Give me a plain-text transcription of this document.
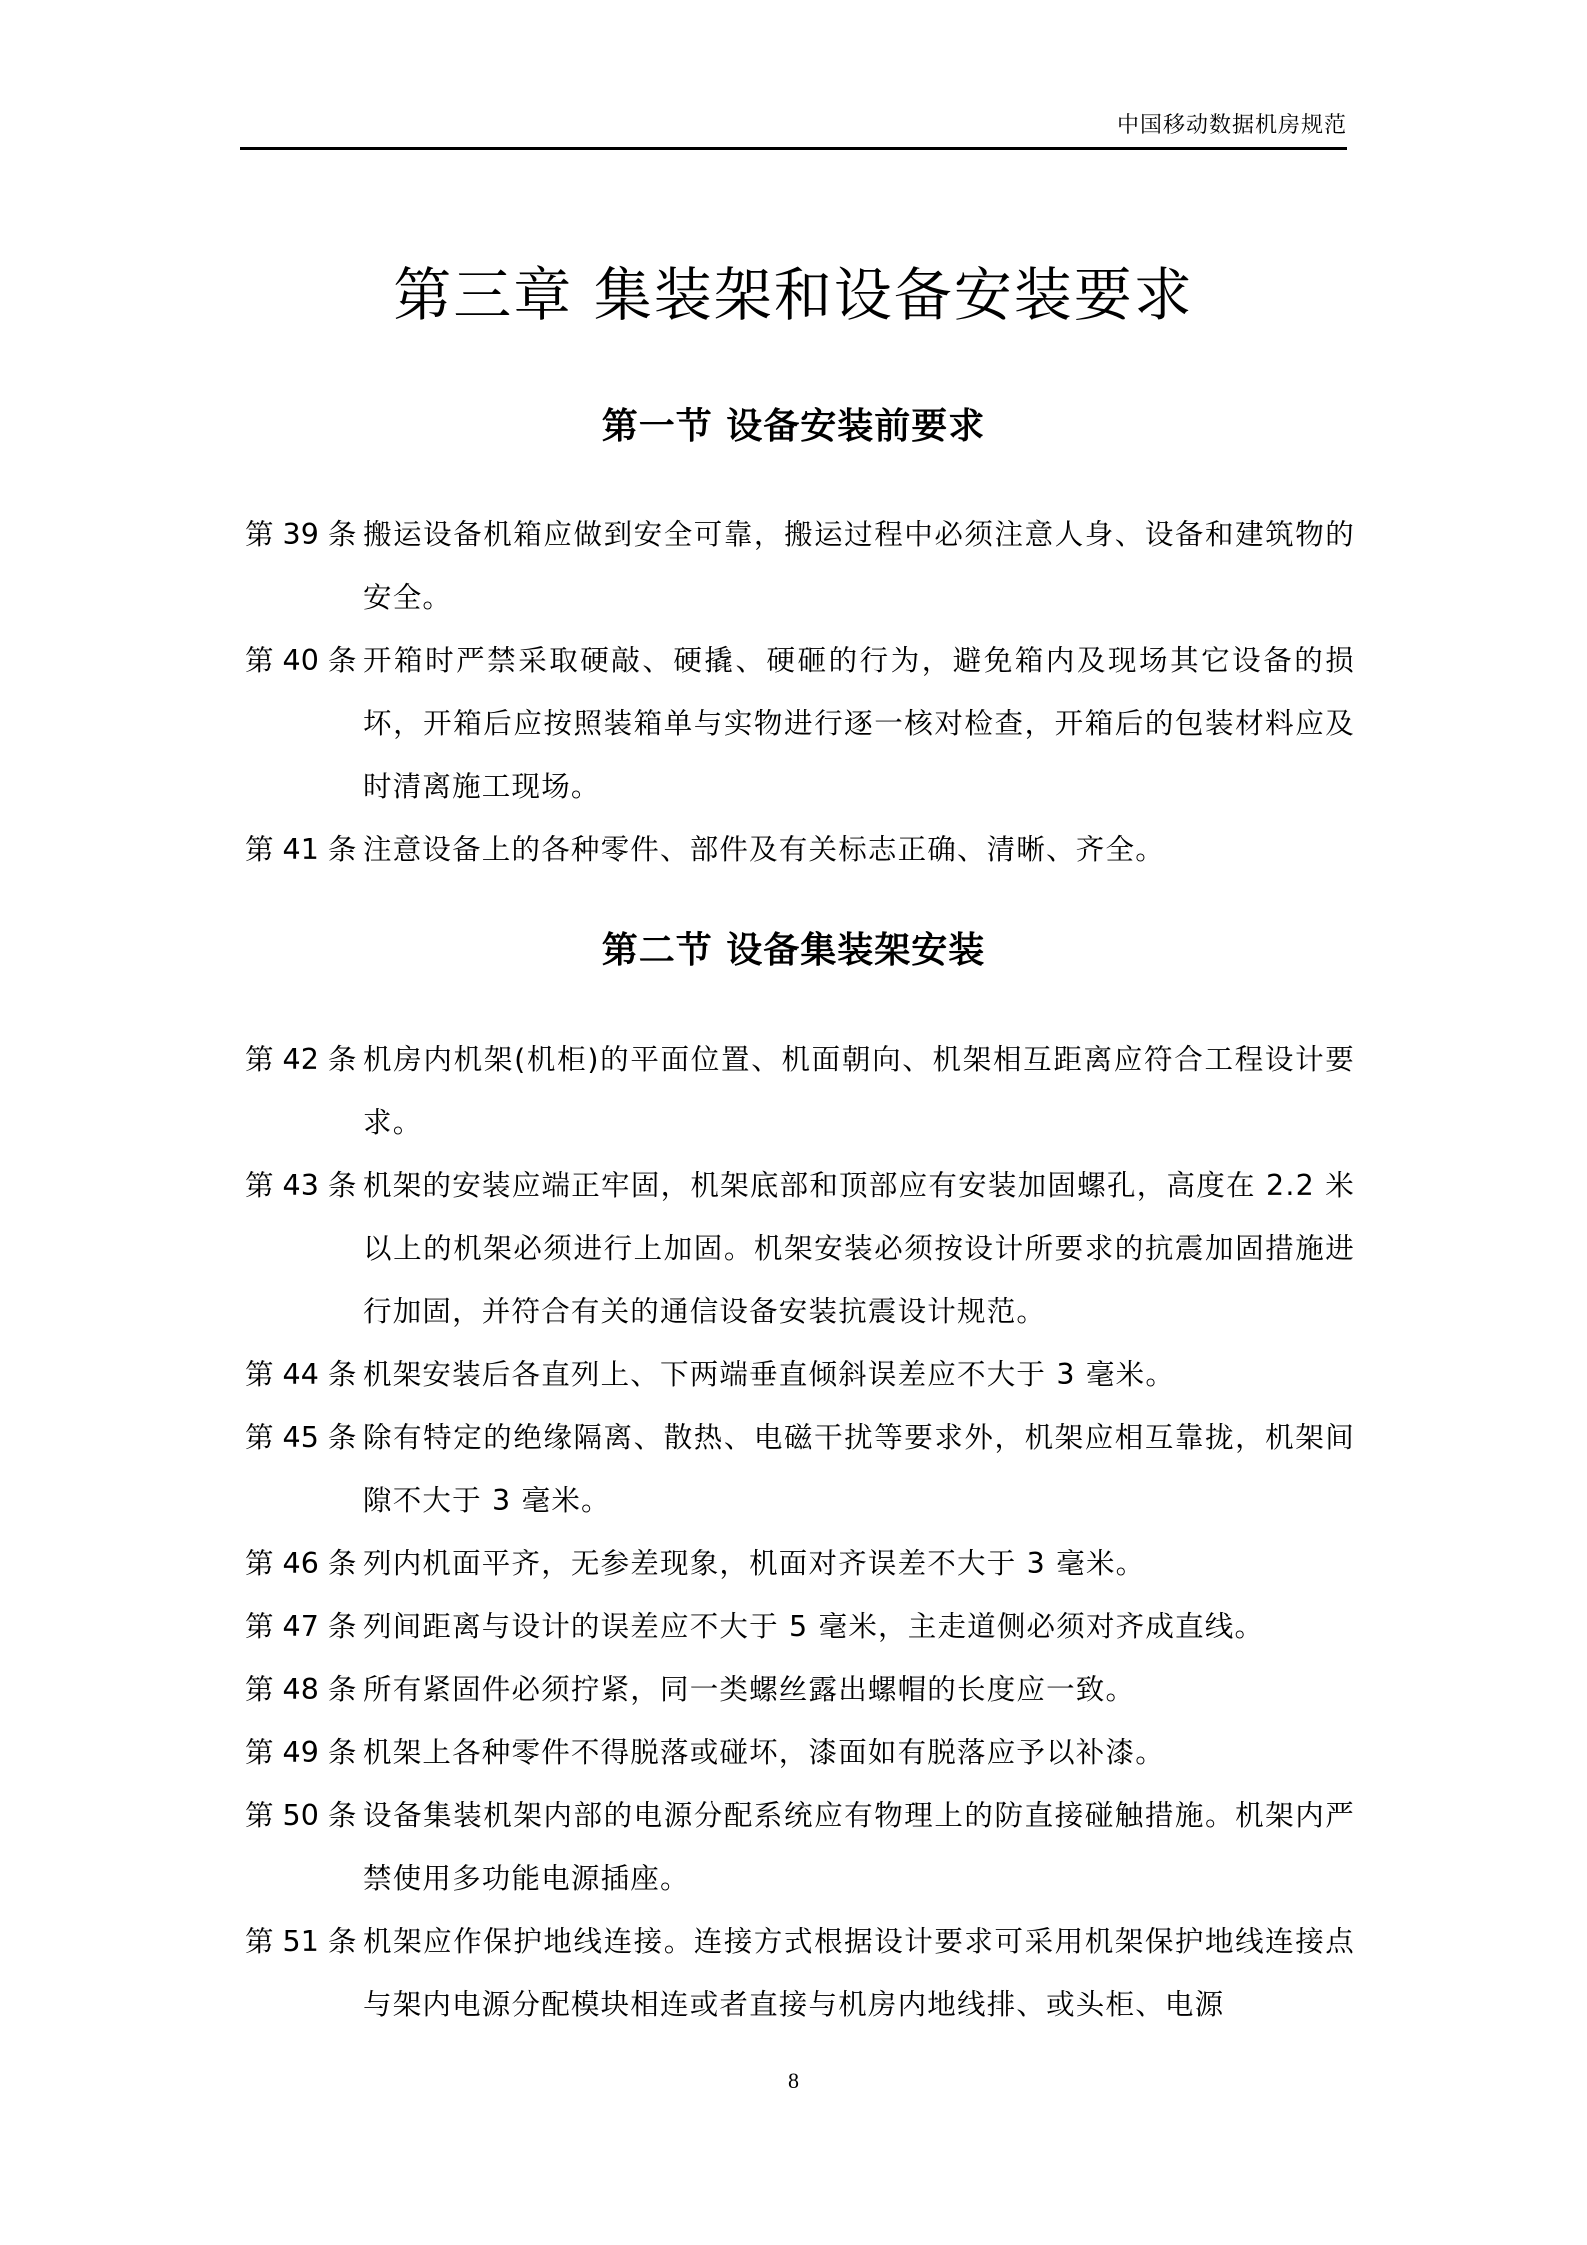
中国移动数据机房规范
第三章 集装架和设备安装要求
第一节 设备安装前要求
第 39 条 搬运设备机箱应做到安全可靠，搬运过程中必须注意人身、设备和建筑物的安全。
第 40 条 开箱时严禁采取硬敲、硬撬、硬砸的行为，避免箱内及现场其它设备的损坏，开箱后应按照装箱单与实物进行逐一核对检查，开箱后的包装材料应及时清离施工现场。
第 41 条 注意设备上的各种零件、部件及有关标志正确、清晰、齐全。
第二节 设备集装架安装
第 42 条 机房内机架(机柜)的平面位置、机面朝向、机架相互距离应符合工程设计要求。
第 43 条 机架的安装应端正牢固，机架底部和顶部应有安装加固螺孔，高度在 2.2 米以上的机架必须进行上加固。机架安装必须按设计所要求的抗震加固措施进行加固，并符合有关的通信设备安装抗震设计规范。
第 44 条 机架安装后各直列上、下两端垂直倾斜误差应不大于 3 毫米。
第 45 条 除有特定的绝缘隔离、散热、电磁干扰等要求外，机架应相互靠拢，机架间隙不大于 3 毫米。
第 46 条 列内机面平齐，无参差现象，机面对齐误差不大于 3 毫米。
第 47 条 列间距离与设计的误差应不大于 5 毫米，主走道侧必须对齐成直线。
第 48 条 所有紧固件必须拧紧，同一类螺丝露出螺帽的长度应一致。
第 49 条 机架上各种零件不得脱落或碰坏，漆面如有脱落应予以补漆。
第 50 条 设备集装机架内部的电源分配系统应有物理上的防直接碰触措施。机架内严禁使用多功能电源插座。
第 51 条 机架应作保护地线连接。连接方式根据设计要求可采用机架保护地线连接点与架内电源分配模块相连或者直接与机房内地线排、或头柜、电源
8
